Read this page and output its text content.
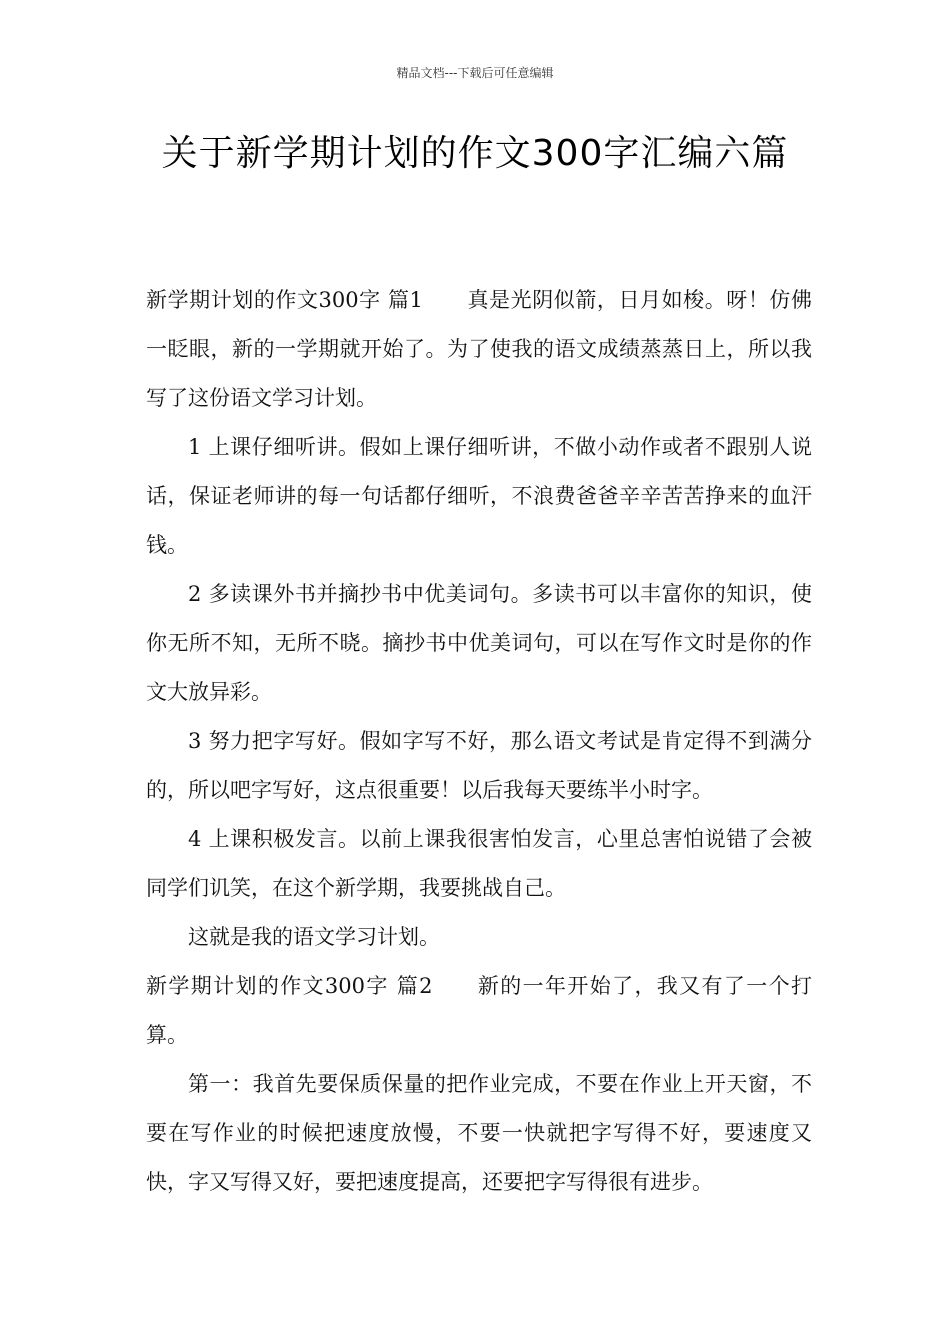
精品文档---下载后可任意编辑
关于新学期计划的作文300字汇编六篇

新学期计划的作文300字 篇1 真是光阴似箭，日月如梭。呀！仿佛一眨眼，新的一学期就开始了。为了使我的语文成绩蒸蒸日上，所以我写了这份语文学习计划。

1 上课仔细听讲。假如上课仔细听讲，不做小动作或者不跟别人说话，保证老师讲的每一句话都仔细听，不浪费爸爸辛辛苦苦挣来的血汗钱。

2 多读课外书并摘抄书中优美词句。多读书可以丰富你的知识，使你无所不知，无所不晓。摘抄书中优美词句，可以在写作文时是你的作文大放异彩。

3 努力把字写好。假如字写不好，那么语文考试是肯定得不到满分的，所以吧字写好，这点很重要！以后我每天要练半小时字。

4 上课积极发言。以前上课我很害怕发言，心里总害怕说错了会被同学们讥笑，在这个新学期，我要挑战自己。

这就是我的语文学习计划。

新学期计划的作文300字 篇2 新的一年开始了，我又有了一个打算。

第一：我首先要保质保量的把作业完成，不要在作业上开天窗，不要在写作业的时候把速度放慢，不要一快就把字写得不好，要速度又快，字又写得又好，要把速度提高，还要把字写得很有进步。
